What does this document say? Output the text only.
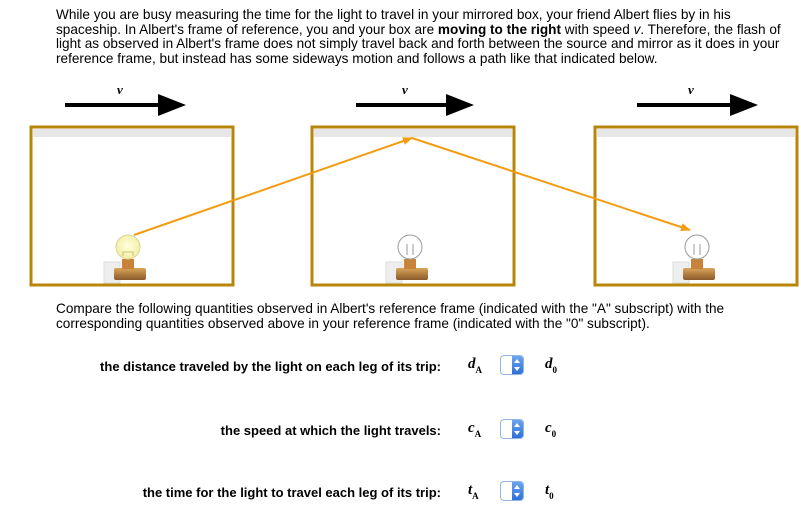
While you are busy measuring the time for the light to travel in your mirrored box, your friend Albert flies by in his spaceship. In Albert's frame of reference, you and your box are moving to the right with speed v. Therefore, the flash of light as observed in Albert's frame does not simply travel back and forth between the source and mirror as it does in your reference frame, but instead has some sideways motion and follows a path like that indicated below.

v	v	v

Compare the following quantities observed in Albert's reference frame (indicated with the "A" subscript) with the corresponding quantities observed above in your reference frame (indicated with the "0" subscript).

the distance traveled by the light on each leg of its trip: $d_A$	$d_0$
the speed at which the light travels: $c_A$	$c_0$
the time for the light to travel each leg of its trip: $t_A$	$t_0$
